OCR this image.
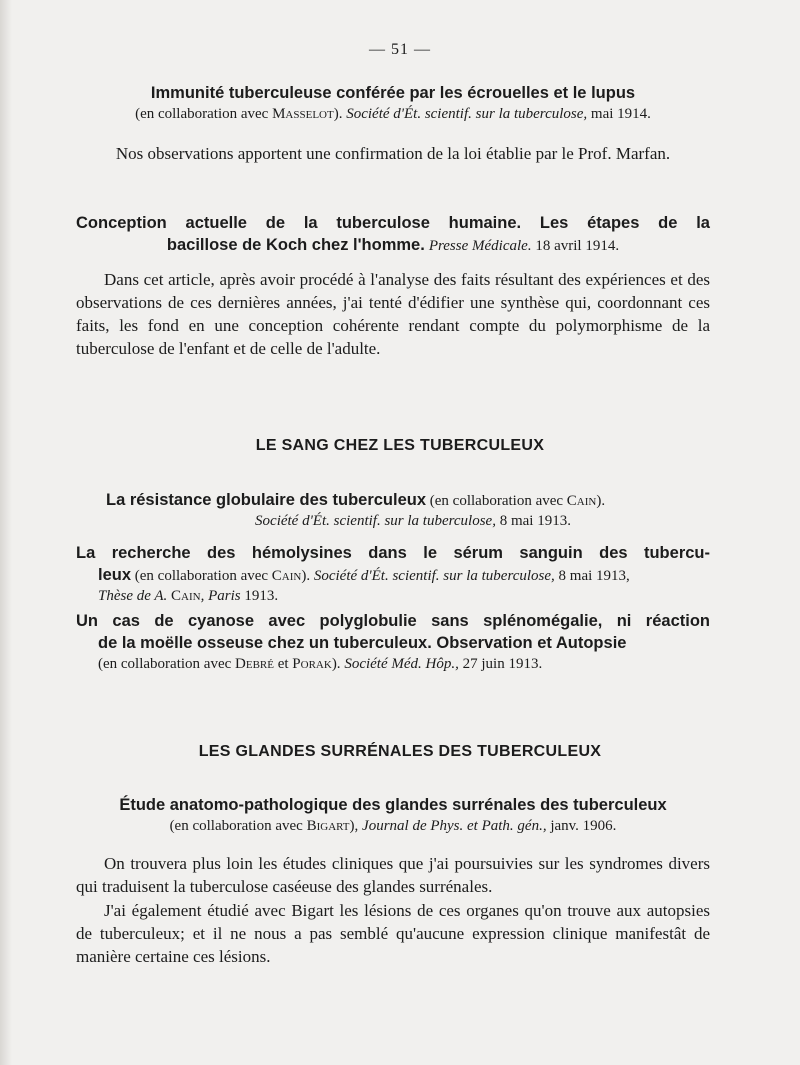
— 51 —
Immunité tuberculeuse conférée par les écrouelles et le lupus
(en collaboration avec Masselot). Société d'Ét. scientif. sur la tuberculose, mai 1914.
Nos observations apportent une confirmation de la loi établie par le Prof. Marfan.
Conception actuelle de la tuberculose humaine. Les étapes de la
bacillose de Koch chez l'homme. Presse Médicale. 18 avril 1914.
Dans cet article, après avoir procédé à l'analyse des faits résultant des expériences et des observations de ces dernières années, j'ai tenté d'édifier une synthèse qui, coordonnant ces faits, les fond en une conception cohérente rendant compte du polymorphisme de la tuberculose de l'enfant et de celle de l'adulte.
LE SANG CHEZ LES TUBERCULEUX
La résistance globulaire des tuberculeux (en collaboration avec Cain).
Société d'Ét. scientif. sur la tuberculose, 8 mai 1913.
La recherche des hémolysines dans le sérum sanguin des tubercu-
leux (en collaboration avec Cain). Société d'Ét. scientif. sur la tuberculose, 8 mai 1913,
Thèse de A. Cain, Paris 1913.
Un cas de cyanose avec polyglobulie sans splénomégalie, ni réaction
de la moëlle osseuse chez un tuberculeux. Observation et Autopsie
(en collaboration avec Debré et Porak). Société Méd. Hôp., 27 juin 1913.
LES GLANDES SURRÉNALES DES TUBERCULEUX
Étude anatomo-pathologique des glandes surrénales des tuberculeux
(en collaboration avec Bigart), Journal de Phys. et Path. gén., janv. 1906.
On trouvera plus loin les études cliniques que j'ai poursuivies sur les syndromes divers qui traduisent la tuberculose caséeuse des glandes surrénales.
J'ai également étudié avec Bigart les lésions de ces organes qu'on trouve aux autopsies de tuberculeux; et il ne nous a pas semblé qu'aucune expression clinique manifestât de manière certaine ces lésions.
